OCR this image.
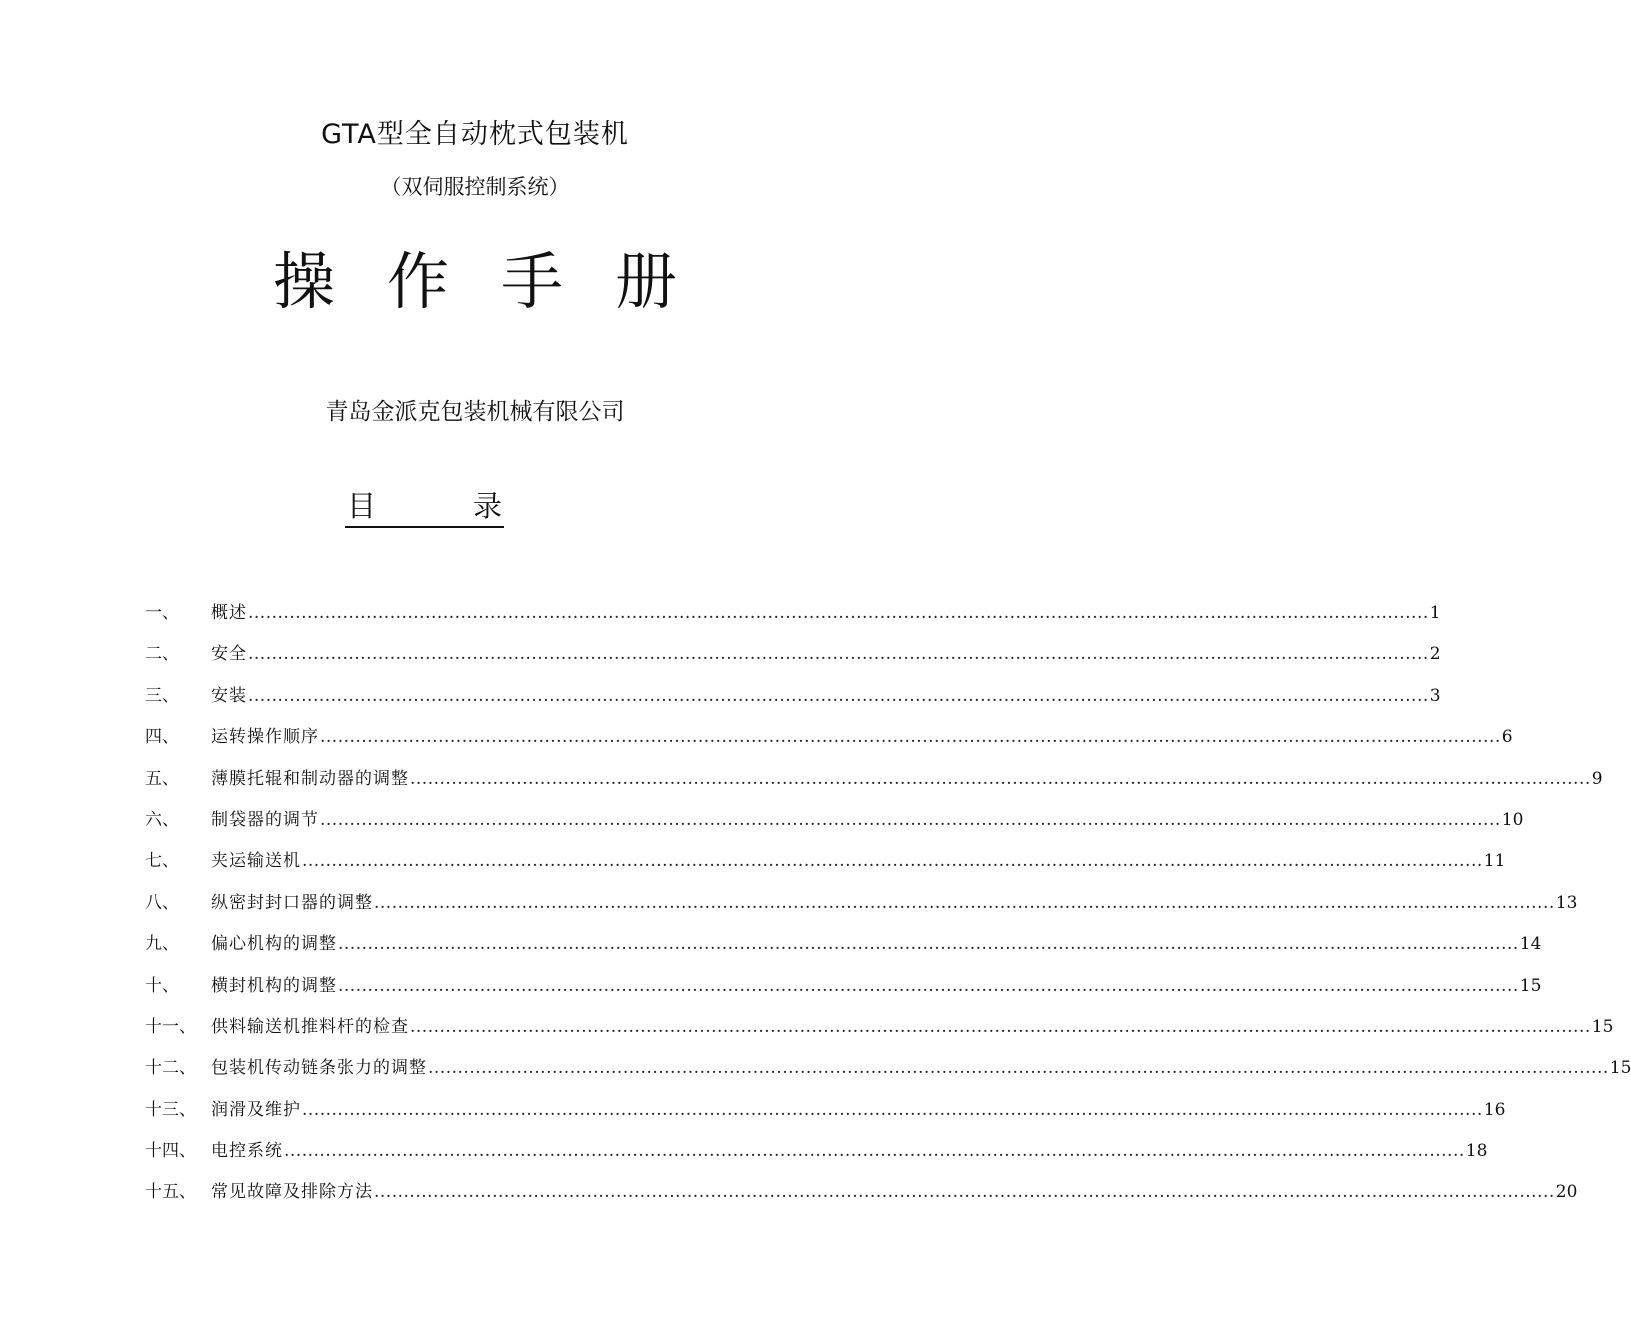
GTA型全自动枕式包装机
（双伺服控制系统）
操作手册
青岛金派克包装机械有限公司
目	录
一、	概述 ........................................................................................................................................................................................................ 1
二、	安全 ........................................................................................................................................................................................................ 2
三、	安装 ........................................................................................................................................................................................................ 3
四、	运转操作顺序 ........................................................................................................................................................................................................ 6
五、	薄膜托辊和制动器的调整 ........................................................................................................................................................................................................ 9
六、	制袋器的调节 ........................................................................................................................................................................................................ 10
七、	夹运输送机 ........................................................................................................................................................................................................ 11
八、	纵密封封口器的调整 ........................................................................................................................................................................................................ 13
九、	偏心机构的调整 ........................................................................................................................................................................................................ 14
十、	横封机构的调整 ........................................................................................................................................................................................................ 15
十一、 供料输送机推料杆的检查 ........................................................................................................................................................................................................ 15
十二、 包装机传动链条张力的调整 ........................................................................................................................................................................................................ 15
十三、 润滑及维护 ........................................................................................................................................................................................................ 16
十四、 电控系统 ........................................................................................................................................................................................................ 18
十五、 常见故障及排除方法 ........................................................................................................................................................................................................ 20
